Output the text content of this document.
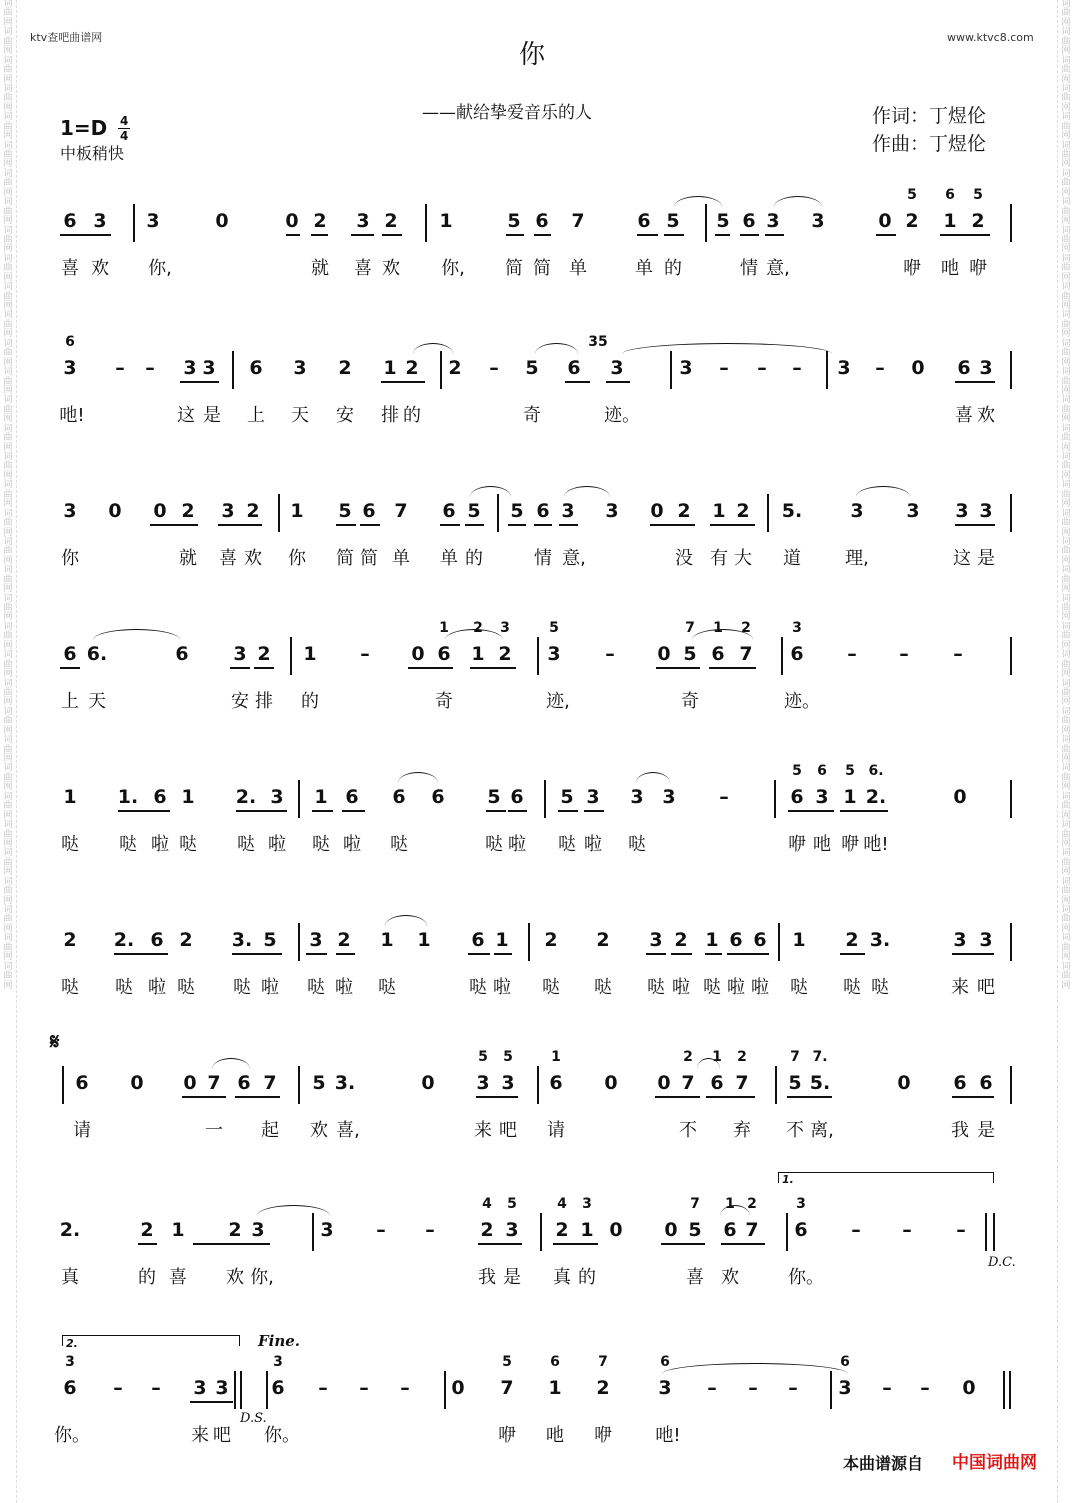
词曲网词曲网词曲网词曲网词曲网词曲网词曲网词曲网词曲网词曲网词曲网词曲网词曲网词曲网词曲网词曲网词曲网词曲网词曲网词曲网词曲网词曲网词曲网词曲网词曲网词曲网词曲网词曲网词曲网词曲网词曲网词曲网词曲网词曲网词曲网
词曲网词曲网词曲网词曲网词曲网词曲网词曲网词曲网词曲网词曲网词曲网词曲网词曲网词曲网词曲网词曲网词曲网词曲网词曲网词曲网词曲网词曲网词曲网词曲网词曲网词曲网词曲网词曲网词曲网词曲网词曲网词曲网词曲网词曲网词曲网
ktv查吧曲谱网	www.ktvc8.com
你
——献给挚爱音乐的人	作词：丁煜伦
作曲：丁煜伦
1=D 4
4
中板稍快
6 3 3	0	0 2 3 2 1	5 6 7	6 5 5 6 3 3	0 2 1 2
5 6 5
喜 欢 你,	就 喜 欢 你, 简 简 单	单 的	情 意,	咿 吔 咿
3 – – 3 3 6 3 2 1 2 2 – 5 6 3	3 – – – 3 – 0 6 3
6	35
吔!	这 是 上 天 安 排 的	奇	迹。	喜 欢
3 0 0 2 3 2 1 5 6 7 6 5 5 6 3 3 0 2 1 2 5.	3 3 3 3
你	就 喜 欢 你 简 简 单 单 的	情 意,	没 有 大 道 理,	这 是
6 6.	6 3 2 1 – 0 6 1 2 3 – 0 5 6 7 6 – – –
1 2 3	5	7 1 2	3
上 天	安 排 的	奇	迹,	奇	迹。
1 1. 6 1 2. 3 1 6 6 6 5 6 5 3 3 3 –	6 3 1 2.	0
5 6 5 6.
哒 哒 啦 哒 哒 啦 哒 啦 哒	哒 啦 哒 啦 哒	咿 吔 咿 吔!
2 2. 6 2 3. 5 3 2 1 1 6 1 2 2 3 2 1 6 6 1 2 3.	3 3
哒 哒 啦 哒 哒 啦 哒 啦 哒	哒 啦 哒 哒 哒 啦 哒 啦 啦 哒 哒 哒	来 吧
6 0 0 7 6 7 5 3.	0 3 3 6 0 0 7 6 7 5 5.	0 6 6
5 5	1	2 1 2	7 7.
请	一 起 欢 喜,	来 吧 请	不 弃 不 离,	我 是
2.	2 1 2 3	3 – – 2 3 2 1 0 0 5 6 7 6 – – –
4 5	4 3	7 1 2	3
真	的 喜 欢 你,	我 是 真 的	喜 欢	你。
6 – – 3 3 6 – – – 0 7 1 2	3 – – – 3 – – 0
3	3	5	6	7	6	6
你。	来 吧 你。	咿 吔 咿 吔!
𝄋
1.
2.	Fine.
D.C.
D.S.
本曲谱源自 中国词曲网
